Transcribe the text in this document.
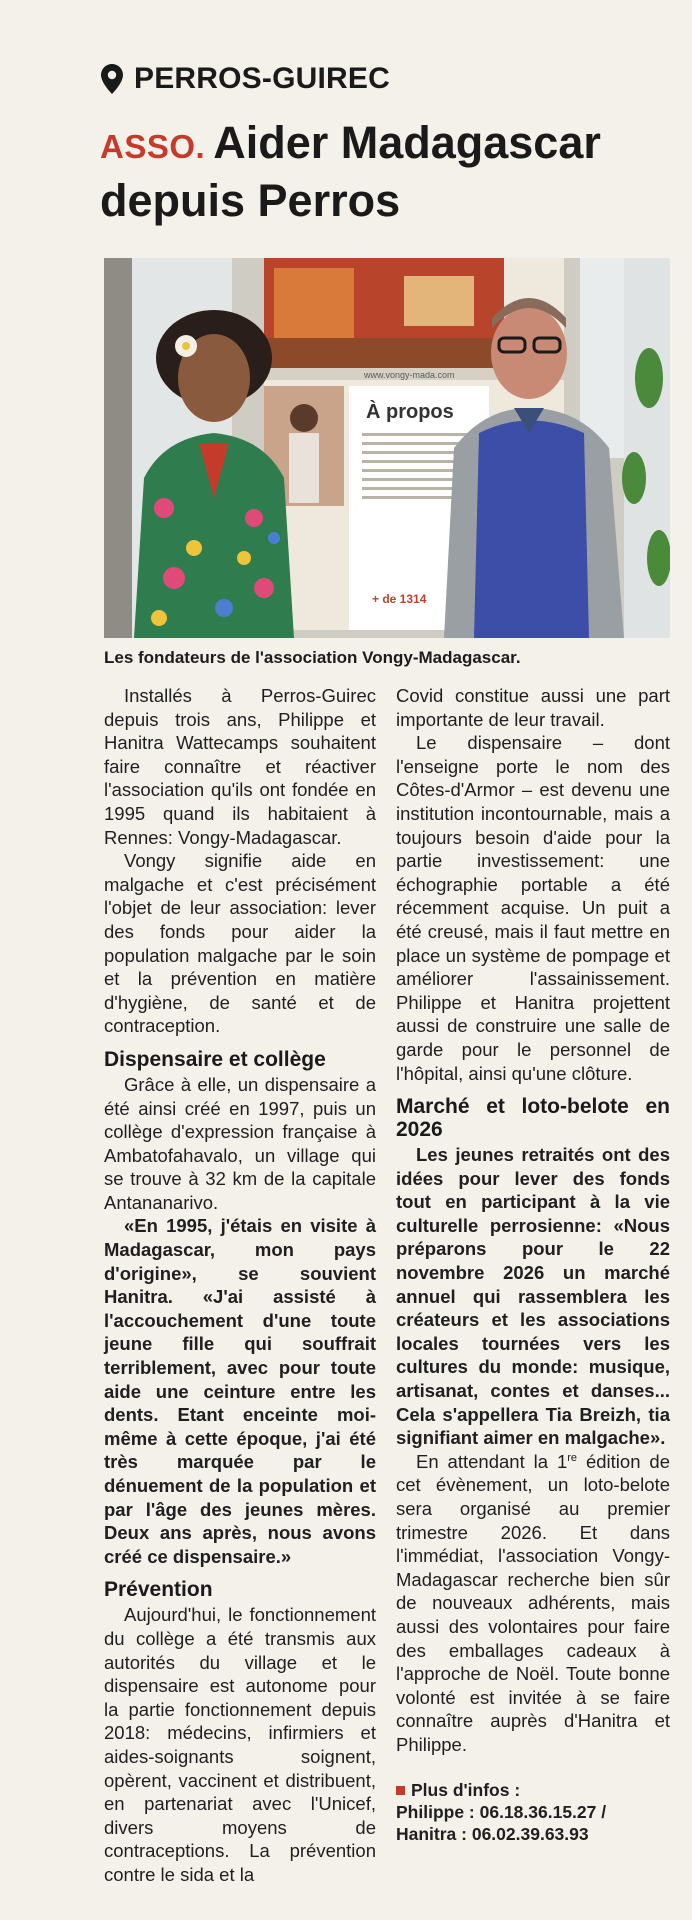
PERROS-GUIREC
ASSO. Aider Madagascar
depuis Perros
www.vongy-mada.com
À propos
+ de 1314
Les fondateurs de l'association Vongy-Madagascar.

Installés à Perros-Guirec depuis trois ans, Philippe et Hanitra Wattecamps souhaitent faire connaître et réactiver l'association qu'ils ont fondée en 1995 quand ils habitaient à Rennes: Vongy-Madagascar.

Vongy signifie aide en malgache et c'est précisément l'objet de leur association: lever des fonds pour aider la population malgache par le soin et la prévention en matière d'hygiène, de santé et de contraception.

Dispensaire et collège

Grâce à elle, un dispensaire a été ainsi créé en 1997, puis un collège d'expression française à Ambatofahavalo, un village qui se trouve à 32 km de la capitale Antananarivo.

«En 1995, j'étais en visite à Madagascar, mon pays d'origine», se souvient Hanitra. «J'ai assisté à l'accouchement d'une toute jeune fille qui souffrait terriblement, avec pour toute aide une ceinture entre les dents. Etant enceinte moi-même à cette époque, j'ai été très marquée par le dénuement de la population et par l'âge des jeunes mères. Deux ans après, nous avons créé ce dispensaire.»

Prévention

Aujourd'hui, le fonctionnement du collège a été transmis aux autorités du village et le dispensaire est autonome pour la partie fonctionnement depuis 2018: médecins, infirmiers et aides-soignants soignent, opèrent, vaccinent et distribuent, en partenariat avec l'Unicef, divers moyens de contraceptions. La prévention contre le sida et la

Covid constitue aussi une part importante de leur travail.

Le dispensaire – dont l'enseigne porte le nom des Côtes-d'Armor – est devenu une institution incontournable, mais a toujours besoin d'aide pour la partie investissement: une échographie portable a été récemment acquise. Un puit a été creusé, mais il faut mettre en place un système de pompage et améliorer l'assainissement. Philippe et Hanitra projettent aussi de construire une salle de garde pour le personnel de l'hôpital, ainsi qu'une clôture.

Marché et loto-belote en 2026

Les jeunes retraités ont des idées pour lever des fonds tout en participant à la vie culturelle perrosienne: «Nous préparons pour le 22 novembre 2026 un marché annuel qui rassemblera les créateurs et les associations locales tournées vers les cultures du monde: musique, artisanat, contes et danses... Cela s'appellera Tia Breizh, tia signifiant aimer en malgache».

En attendant la 1re édition de cet évènement, un loto-belote sera organisé au premier trimestre 2026. Et dans l'immédiat, l'association Vongy-Madagascar recherche bien sûr de nouveaux adhérents, mais aussi des volontaires pour faire des emballages cadeaux à l'approche de Noël. Toute bonne volonté est invitée à se faire connaître auprès d'Hanitra et Philippe.

Plus d'infos :
Philippe : 06.18.36.15.27 /
Hanitra : 06.02.39.63.93
